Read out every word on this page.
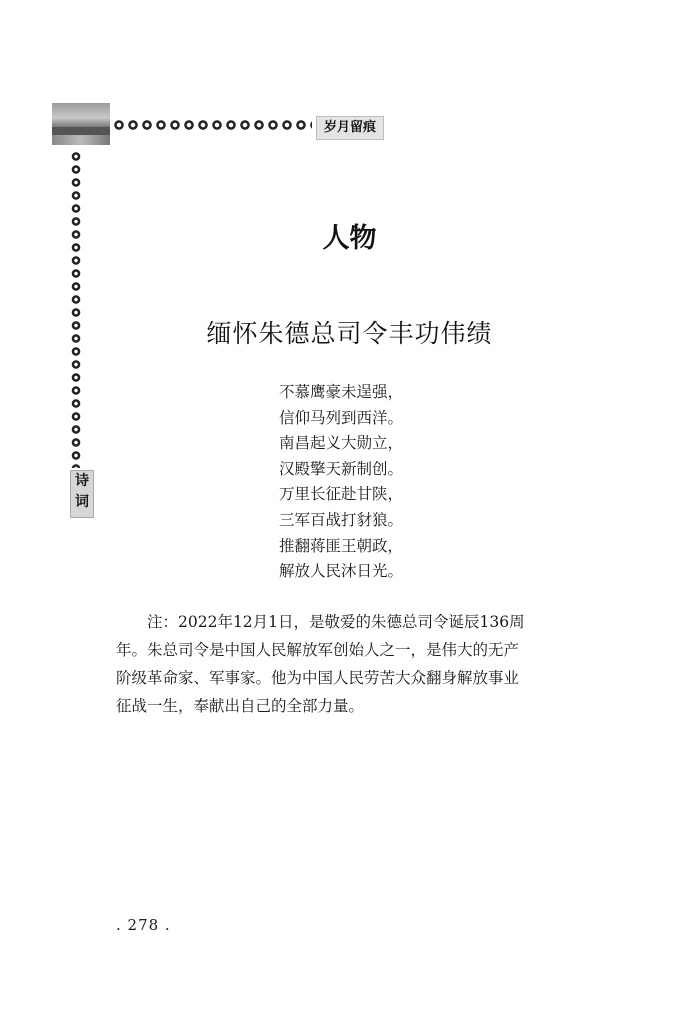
岁月留痕
诗
词
人物
缅怀朱德总司令丰功伟绩
不慕鹰豪未逞强，
信仰马列到西洋。
南昌起义大勋立，
汉殿擎天新制创。
万里长征赴甘陕，
三军百战打豺狼。
推翻蒋匪王朝政，
解放人民沐日光。
　　注：2022年12月1日，是敬爱的朱德总司令诞辰136周
年。朱总司令是中国人民解放军创始人之一，是伟大的无产
阶级革命家、军事家。他为中国人民劳苦大众翻身解放事业
征战一生，奉献出自己的全部力量。
. 278 .
